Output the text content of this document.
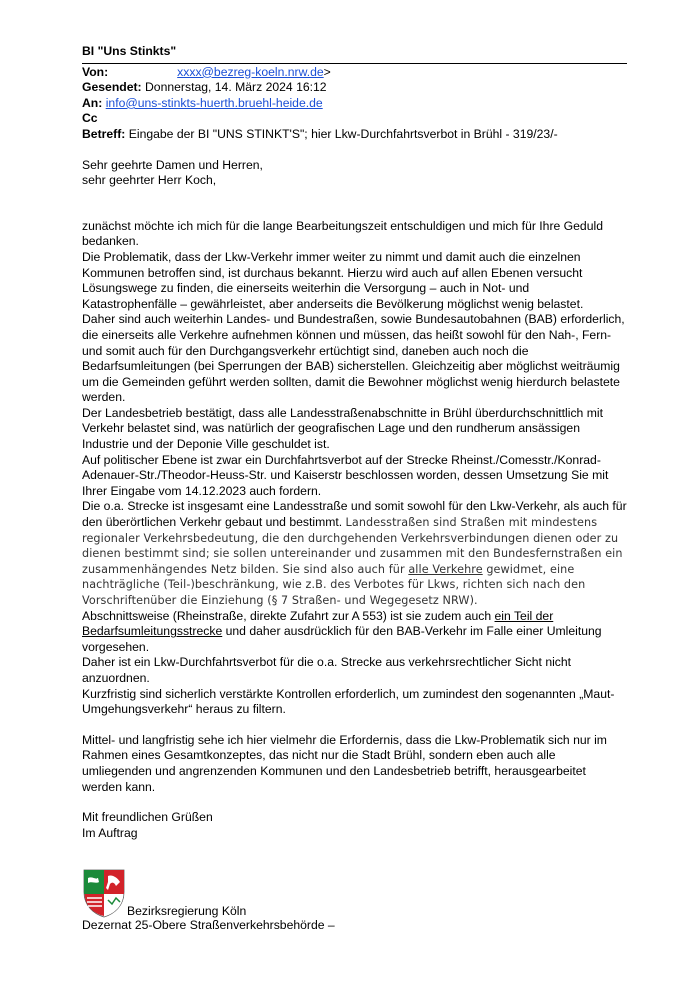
BI "Uns Stinkts"
Von:	xxxx@bezreg-koeln.nrw.de>
Gesendet: Donnerstag, 14. März 2024 16:12
An: info@uns-stinkts-huerth.bruehl-heide.de
Cc
Betreff: Eingabe der BI "UNS STINKT'S"; hier Lkw-Durchfahrtsverbot in Brühl - 319/23/-
Sehr geehrte Damen und Herren,
sehr geehrter Herr Koch,

zunächst möchte ich mich für die lange Bearbeitungszeit entschuldigen und mich für Ihre Geduld bedanken.

Die Problematik, dass der Lkw-Verkehr immer weiter zu nimmt und damit auch die einzelnen Kommunen betroffen sind, ist durchaus bekannt. Hierzu wird auch auf allen Ebenen versucht Lösungswege zu finden, die einerseits weiterhin die Versorgung – auch in Not- und Katastrophenfälle – gewährleistet, aber anderseits die Bevölkerung möglichst wenig belastet.

Daher sind auch weiterhin Landes- und Bundestraßen, sowie Bundesautobahnen (BAB) erforderlich, die einerseits alle Verkehre aufnehmen können und müssen, das heißt sowohl für den Nah-, Fern- und somit auch für den Durchgangsverkehr ertüchtigt sind, daneben auch noch die Bedarfsumleitungen (bei Sperrungen der BAB) sicherstellen. Gleichzeitig aber möglichst weiträumig um die Gemeinden geführt werden sollten, damit die Bewohner möglichst wenig hierdurch belastete werden.

Der Landesbetrieb bestätigt, dass alle Landesstraßenabschnitte in Brühl überdurchschnittlich mit Verkehr belastet sind, was natürlich der geografischen Lage und den rundherum ansässigen Industrie und der Deponie Ville geschuldet ist.

Auf politischer Ebene ist zwar ein Durchfahrtsverbot auf der Strecke Rheinst./Comesstr./Konrad-Adenauer-Str./Theodor-Heuss-Str. und Kaiserstr beschlossen worden, dessen Umsetzung Sie mit Ihrer Eingabe vom 14.12.2023 auch fordern.

Die o.a. Strecke ist insgesamt eine Landesstraße und somit sowohl für den Lkw-Verkehr, als auch für den überörtlichen Verkehr gebaut und bestimmt. Landesstraßen sind Straßen mit mindestens regionaler Verkehrsbedeutung, die den durchgehenden Verkehrsverbindungen dienen oder zu dienen bestimmt sind; sie sollen untereinander und zusammen mit den Bundesfernstraßen ein zusammenhängendes Netz bilden. Sie sind also auch für alle Verkehre gewidmet, eine nachträgliche (Teil-)beschränkung, wie z.B. des Verbotes für Lkws, richten sich nach den Vorschriftenüber die Einziehung (§ 7 Straßen- und Wegegesetz NRW).

Abschnittsweise (Rheinstraße, direkte Zufahrt zur A 553) ist sie zudem auch ein Teil der Bedarfsumleitungsstrecke und daher ausdrücklich für den BAB-Verkehr im Falle einer Umleitung vorgesehen.

Daher ist ein Lkw-Durchfahrtsverbot für die o.a. Strecke aus verkehrsrechtlicher Sicht nicht anzuordnen.

Kurzfristig sind sicherlich verstärkte Kontrollen erforderlich, um zumindest den sogenannten „Maut-Umgehungsverkehr“ heraus zu filtern.

Mittel- und langfristig sehe ich hier vielmehr die Erfordernis, dass die Lkw-Problematik sich nur im Rahmen eines Gesamtkonzeptes, das nicht nur die Stadt Brühl, sondern eben auch alle umliegenden und angrenzenden Kommunen und den Landesbetrieb betrifft, herausgearbeitet werden kann.

Mit freundlichen Grüßen
Im Auftrag
Bezirksregierung Köln
Dezernat 25-Obere Straßenverkehrsbehörde –
